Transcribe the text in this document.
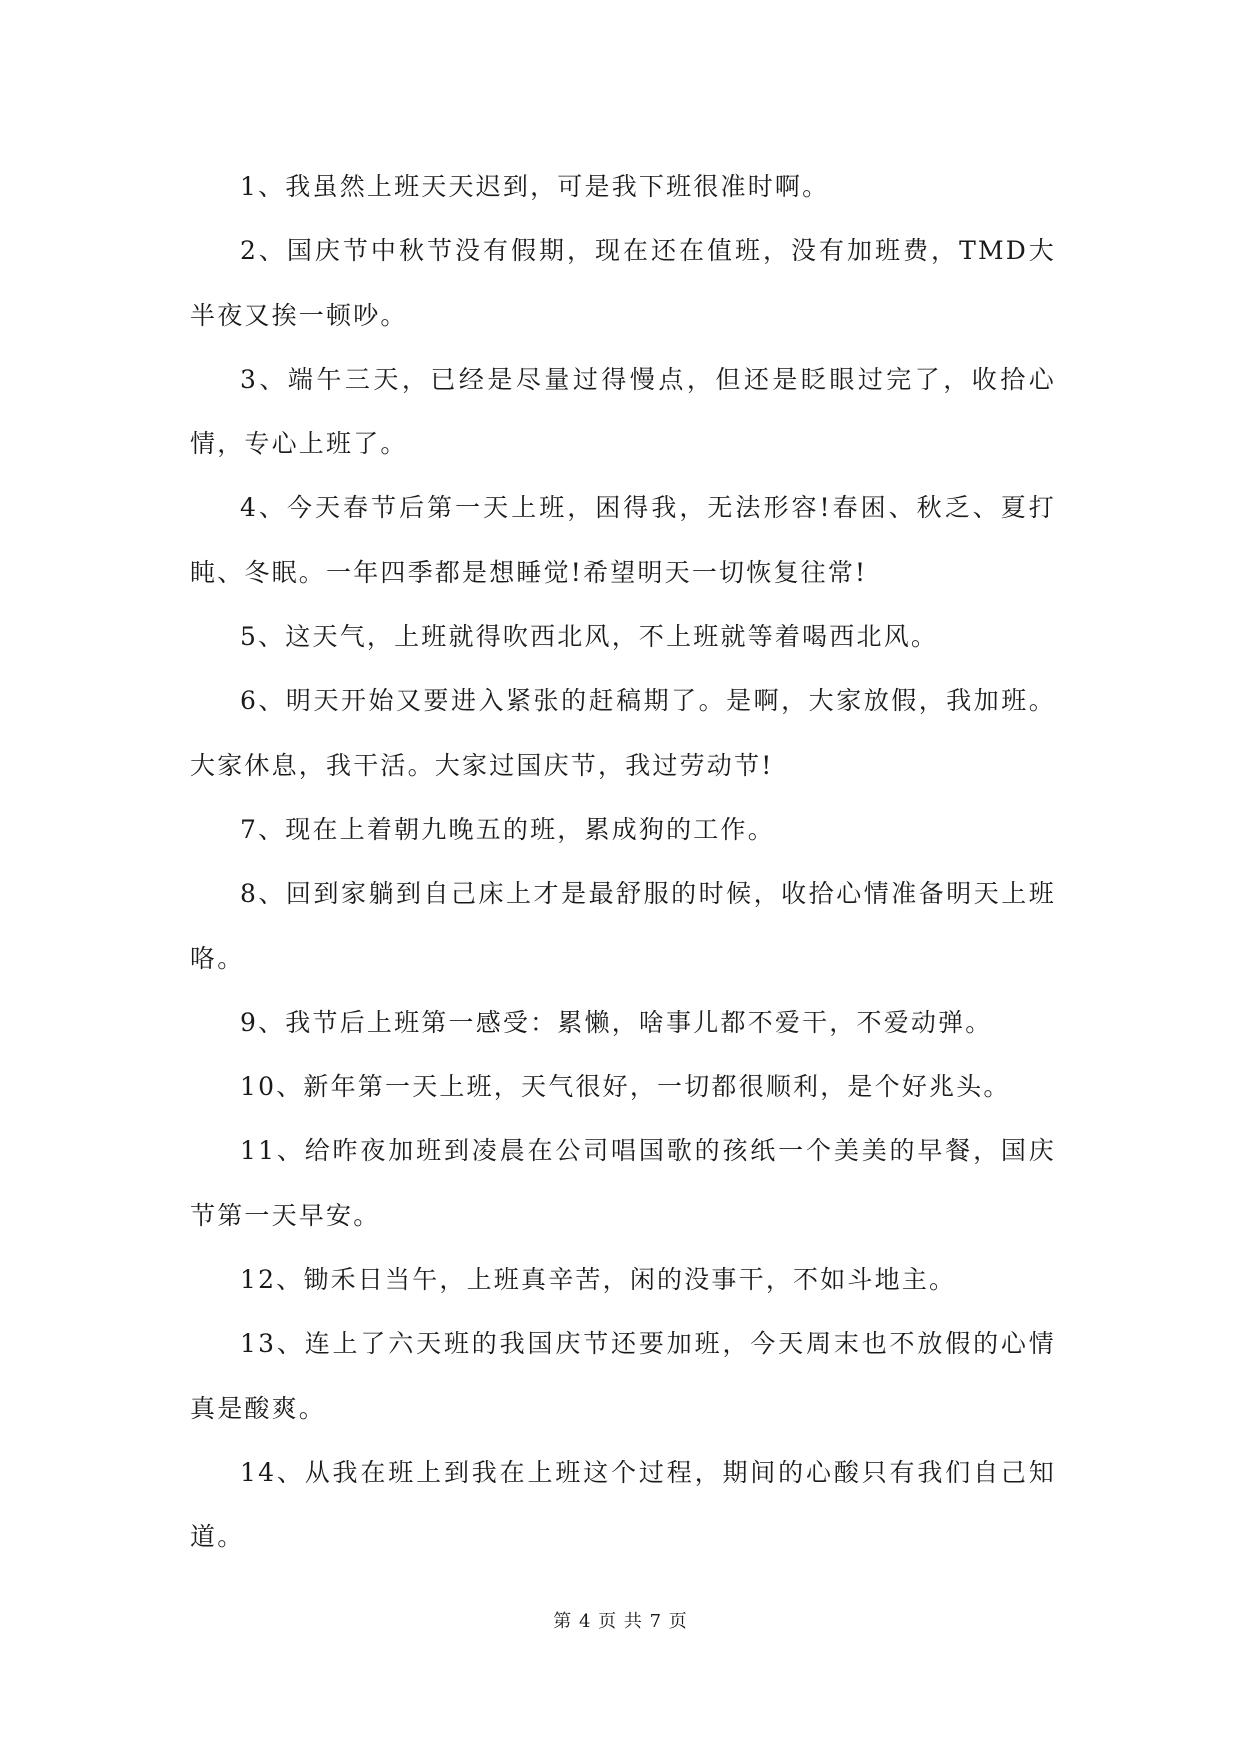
1、我虽然上班天天迟到，可是我下班很准时啊。

2、国庆节中秋节没有假期，现在还在值班，没有加班费，TMD大半夜又挨一顿吵。

3、端午三天，已经是尽量过得慢点，但还是眨眼过完了，收拾心情，专心上班了。

4、今天春节后第一天上班，困得我，无法形容!春困、秋乏、夏打盹、冬眠。一年四季都是想睡觉!希望明天一切恢复往常!

5、这天气，上班就得吹西北风，不上班就等着喝西北风。

6、明天开始又要进入紧张的赶稿期了。是啊，大家放假，我加班。大家休息，我干活。大家过国庆节，我过劳动节!

7、现在上着朝九晚五的班，累成狗的工作。

8、回到家躺到自己床上才是最舒服的时候，收拾心情准备明天上班咯。

9、我节后上班第一感受：累懒，啥事儿都不爱干，不爱动弹。

10、新年第一天上班，天气很好，一切都很顺利，是个好兆头。

11、给昨夜加班到凌晨在公司唱国歌的孩纸一个美美的早餐，国庆节第一天早安。

12、锄禾日当午，上班真辛苦，闲的没事干，不如斗地主。

13、连上了六天班的我国庆节还要加班，今天周末也不放假的心情真是酸爽。

14、从我在班上到我在上班这个过程，期间的心酸只有我们自己知道。

第 4 页 共 7 页
